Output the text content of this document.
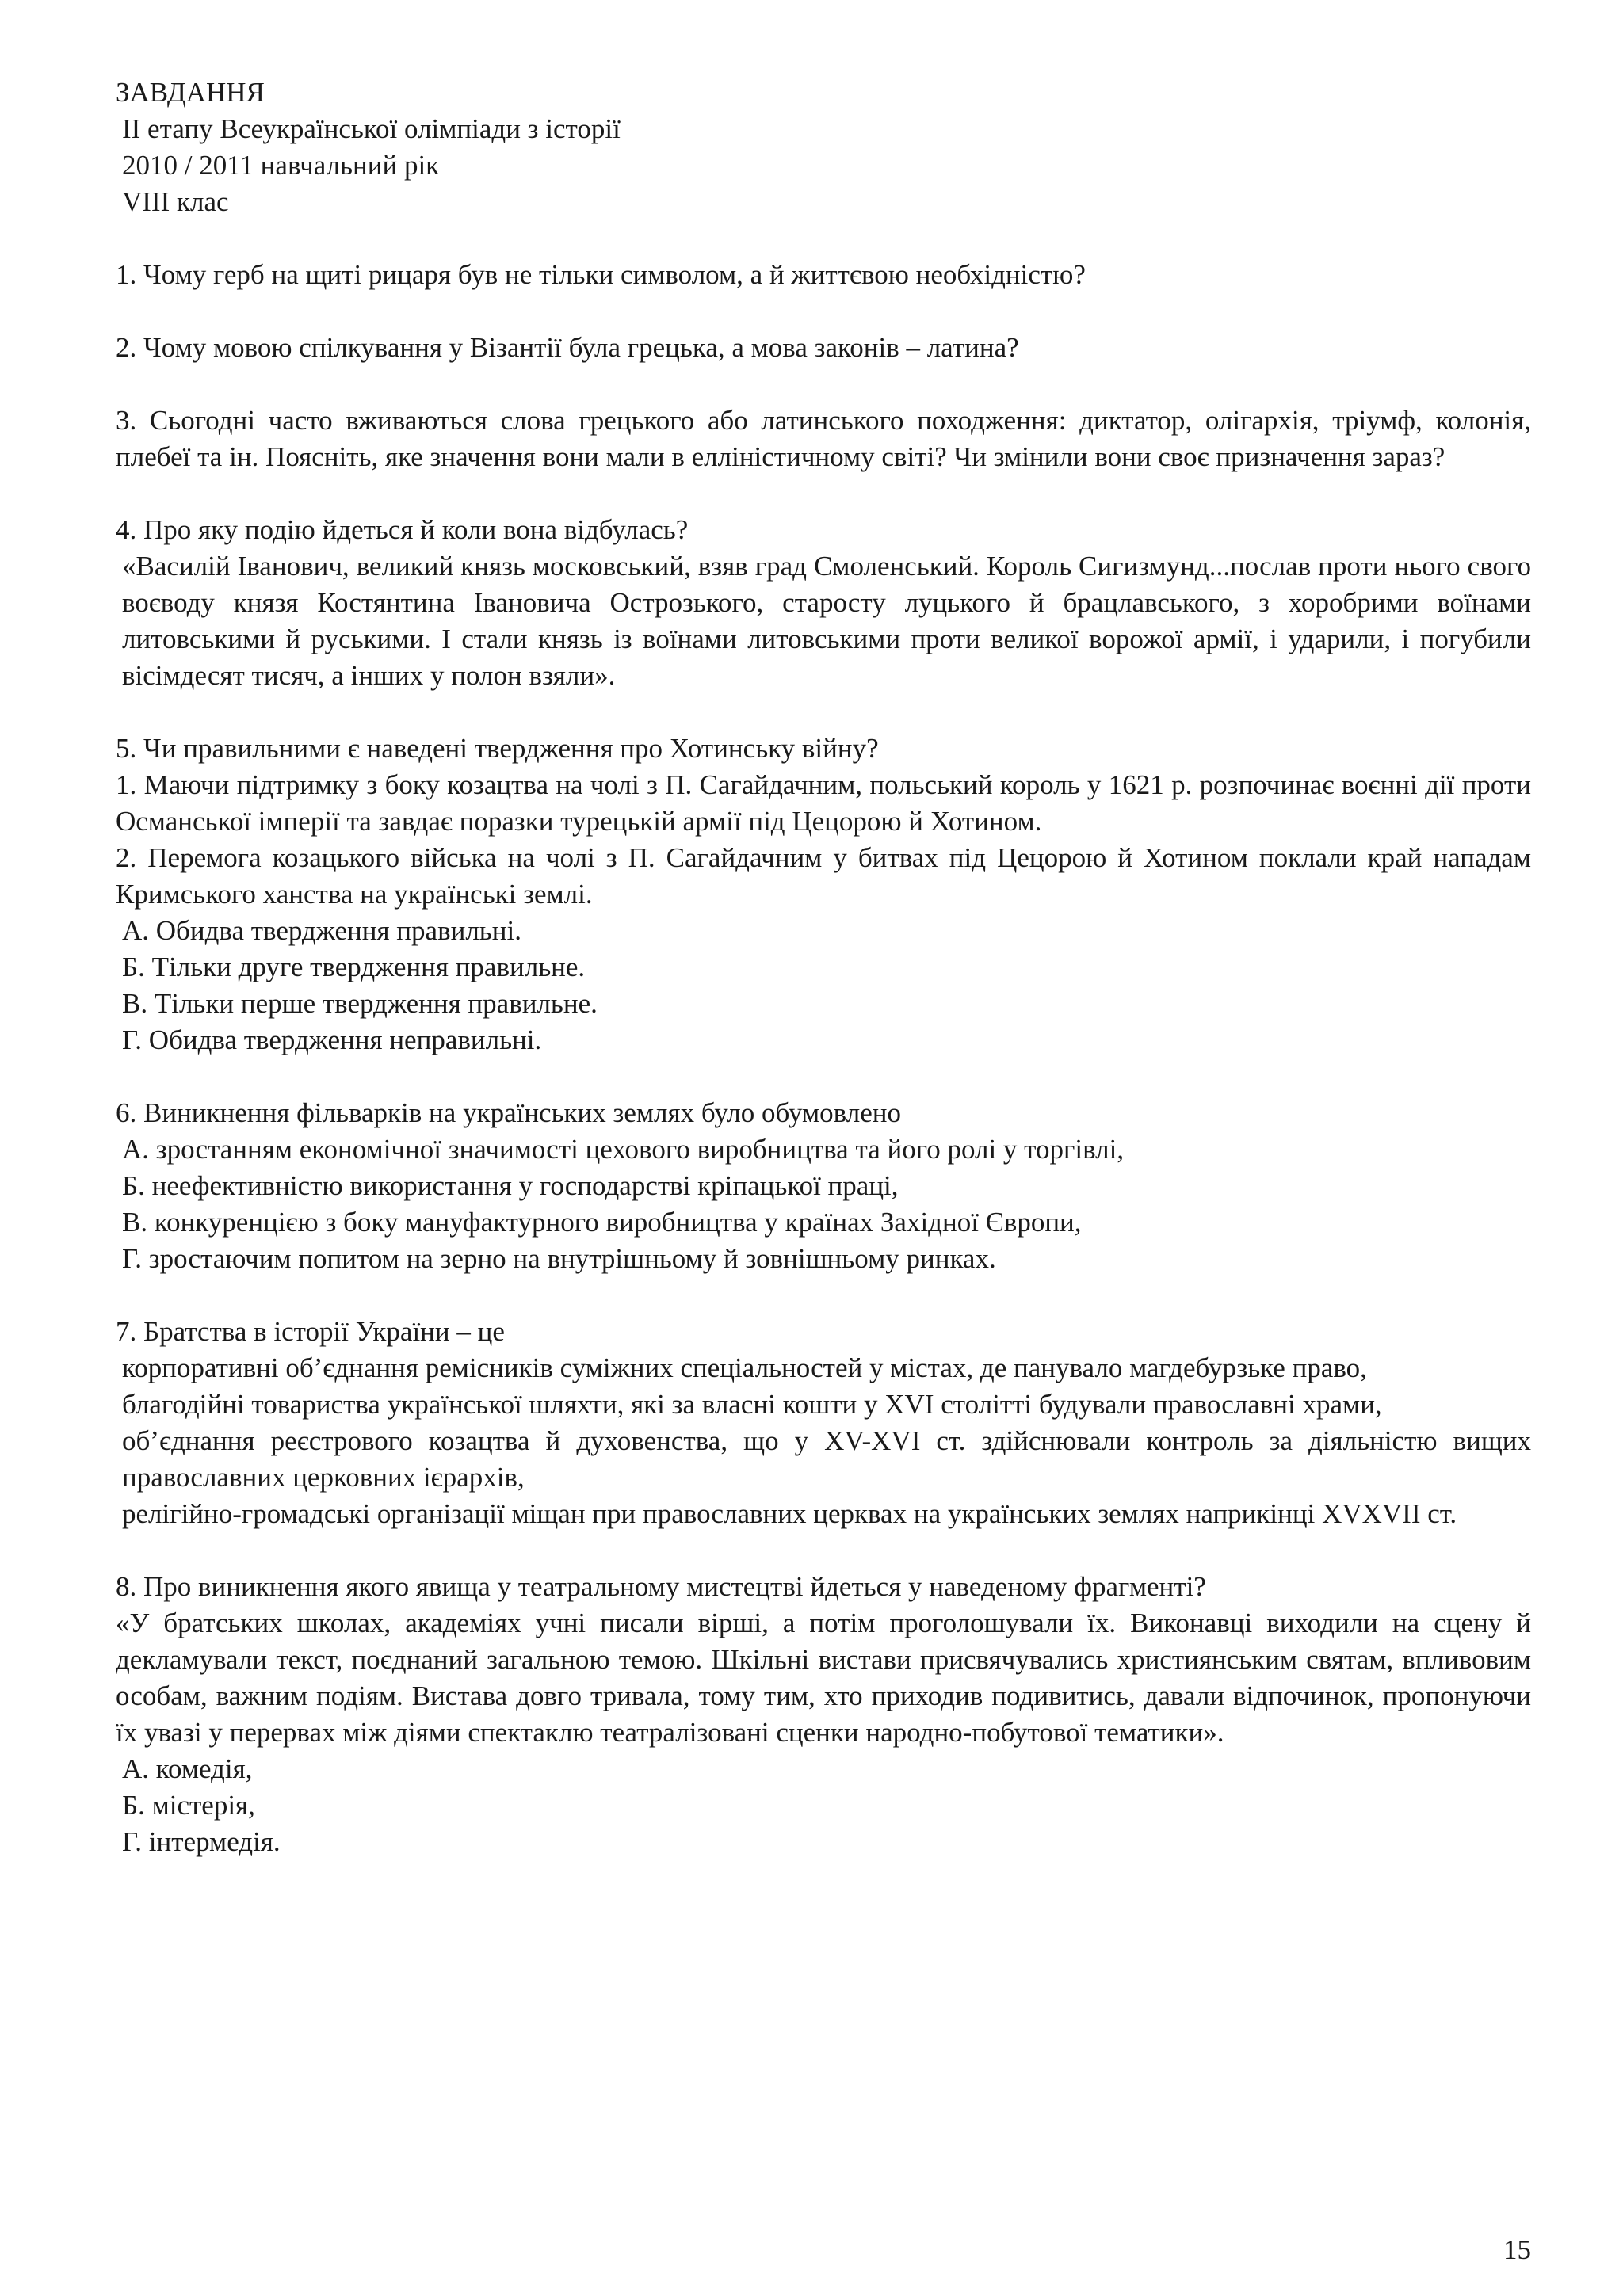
ЗАВДАННЯ
ІІ етапу Всеукраїнської олімпіади з історії
2010 / 2011 навчальний рік
VIII клас
1. Чому герб на щиті рицаря був не тільки символом, а й життєвою необхідністю?
2. Чому мовою спілкування у Візантії була грецька, а мова законів – латина?
3. Сьогодні часто вживаються слова грецького або латинського походження: диктатор, олігархія, тріумф, колонія, плебеї та ін. Поясніть, яке значення вони мали в елліністичному світі? Чи змінили вони своє призначення зараз?
4. Про яку подію йдеться й коли вона відбулась?
«Василій Іванович, великий князь московський, взяв град Смоленський. Король Сигизмунд...послав проти нього свого воєводу князя Костянтина Івановича Острозького, старосту луцького й брацлавського, з хоробрими воїнами литовськими й руськими. І стали князь із воїнами литовськими проти великої ворожої армії, і ударили, і погубили вісімдесят тисяч, а інших у полон взяли».
5. Чи правильними є наведені твердження про Хотинську війну?
1. Маючи підтримку з боку козацтва на чолі з П. Сагайдачним, польський король у 1621 р. розпочинає воєнні дії проти Османської імперії та завдає поразки турецькій армії під Цецорою й Хотином.
2. Перемога козацького війська на чолі з П. Сагайдачним у битвах під Цецорою й Хотином поклали край нападам Кримського ханства на українські землі.
А. Обидва твердження правильні.
Б. Тільки друге твердження правильне.
В. Тільки перше твердження правильне.
Г. Обидва твердження неправильні.
6. Виникнення фільварків на українських землях було обумовлено
А. зростанням економічної значимості цехового виробництва та його ролі у торгівлі,
Б. неефективністю використання у господарстві кріпацької праці,
В. конкуренцією з боку мануфактурного виробництва у країнах Західної Європи,
Г. зростаючим попитом на зерно на внутрішньому й зовнішньому ринках.
7. Братства в історії України – це
корпоративні об’єднання ремісників суміжних спеціальностей у містах, де панувало магдебурзьке право,
благодійні товариства української шляхти, які за власні кошти у XVI столітті будували православні храми,
об’єднання реєстрового козацтва й духовенства, що у XV-XVI ст. здійснювали контроль за діяльністю вищих православних церковних ієрархів,
релігійно-громадські організації міщан при православних церквах на українських землях наприкінці XVXVII ст.
8. Про виникнення якого явища у театральному мистецтві йдеться у наведеному фрагменті?
«У братських школах, академіях учні писали вірші, а потім проголошували їх. Виконавці виходили на сцену й декламували текст, поєднаний загальною темою. Шкільні вистави присвячувались християнським святам, впливовим особам, важним подіям. Вистава довго тривала, тому тим, хто приходив подивитись, давали відпочинок, пропонуючи їх увазі у перервах між діями спектаклю театралізовані сценки народно-побутової тематики».
А. комедія,
Б. містерія,
Г. інтермедія.
15
